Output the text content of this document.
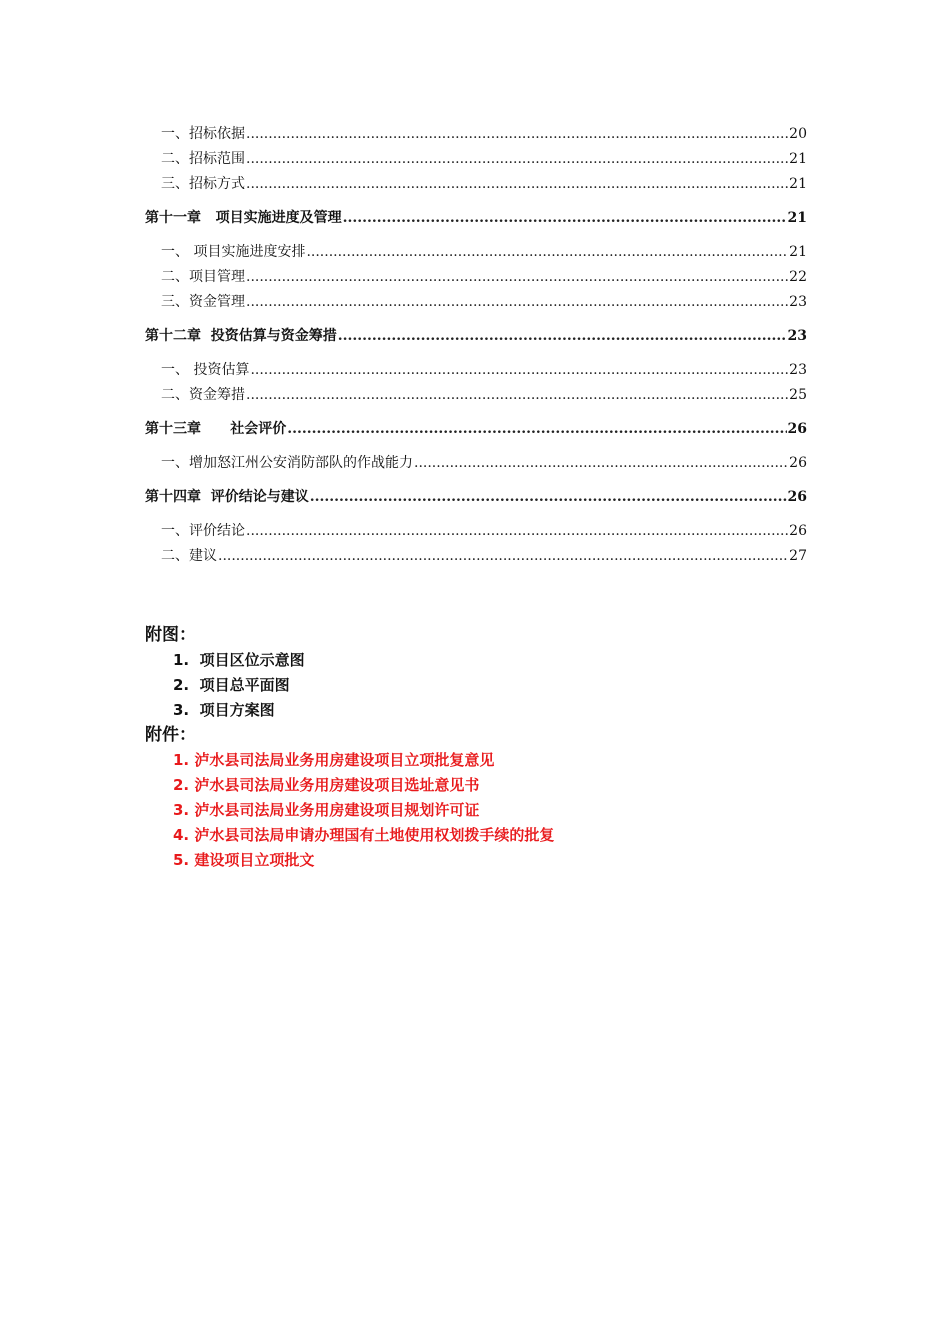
一、招标依据 .....	20
二、招标范围 .....	21
三、招标方式 .....	21
第十一章   项目实施进度及管理 .....	21
一、 项目实施进度安排 .....	21
二、项目管理 .....	22
三、资金管理 .....	23
第十二章  投资估算与资金筹措 .....	23
一、 投资估算 .....	23
二、资金筹措 .....	25
第十三章      社会评价 .....	26
一、增加怒江州公安消防部队的作战能力 .....	26
第十四章  评价结论与建议 .....	26
一、评价结论 .....	26
二、建议 .....	27
附图：
1.  项目区位示意图
2.  项目总平面图
3.  项目方案图
附件：
1. 泸水县司法局业务用房建设项目立项批复意见
2. 泸水县司法局业务用房建设项目选址意见书
3. 泸水县司法局业务用房建设项目规划许可证
4. 泸水县司法局申请办理国有土地使用权划拨手续的批复
5. 建设项目立项批文
